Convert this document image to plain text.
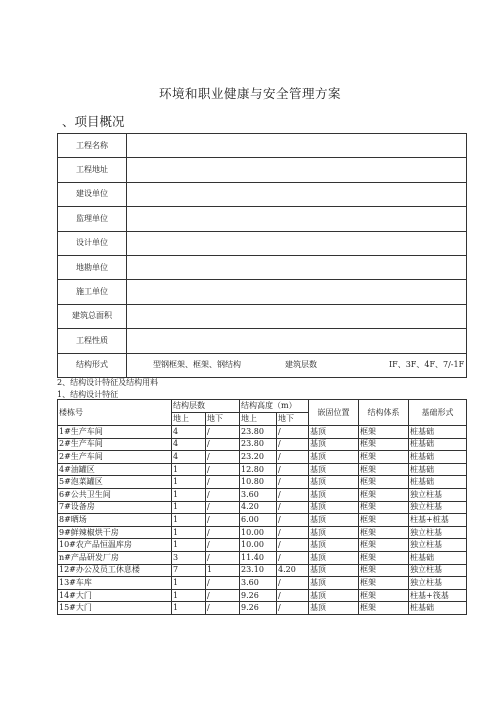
环境和职业健康与安全管理方案
、项目概况
工程名称	
工程地址	
建设单位	
监理单位	
设计单位	
地勘单位	
施工单位	
建筑总面积	
工程性质	
结构形式	型钢框架、框架、钢结构 建筑层数 IF、3F、4F、7/-1F
2、结构设计特征及结构用料
1、结构设计特征
楼栋号	结构层数		结构高度（m）		嵌固位置	结构体系	基础形式
	地上	地下	地上	地下			
1#生产车间	4	/	23.80	/	基顶	框架	桩基础
2#生产车间	4	/	23.80	/	基顶	框架	桩基础
2#生产车间	4	/	23.20	/	基顶	框架	桩基础
4#油罐区	1	/	12.80	/	基顶	框架	桩基础
5#泡菜罐区	1	/	10.80	/	基顶	框架	桩基础
6#公共卫生间	1	/	3.60	/	基顶	框架	独立柱基
7#设备房	1	/	4.20	/	基顶	框架	独立柱基
8#晒场	1	/	6.00	/	基顶	框架	柱基+桩基
9#鲜辣椒烘干房	1	/	10.00	/	基顶	框架	独立柱基
10#农产品恒温库房	1	/	10.00	/	基顶	框架	独立柱基
n#产品研发厂房	3	/	11.40	/	基顶	框架	桩基础
12#办公及员工休息楼	7	1	23.10	4.20	基顶	框架	独立柱基
13#车库	1	/	3.60	/	基顶	框架	独立柱基
14#大门	1	/	9.26	/	基顶	框架	柱基+筏基
15#大门	1	/	9.26	/	基顶	框架	桩基础
